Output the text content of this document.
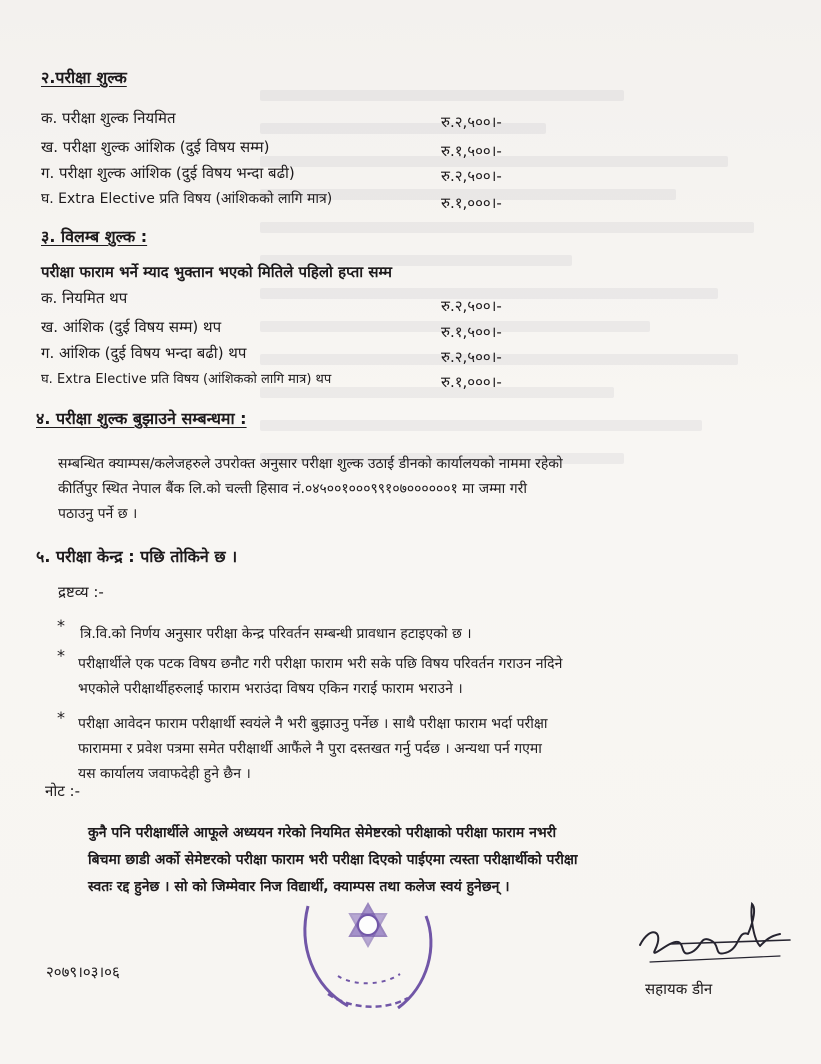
२.परीक्षा शुल्क
क. परीक्षा शुल्क नियमित	रु.२,५००।-
ख. परीक्षा शुल्क आंशिक (दुई विषय सम्म)	रु.१,५००।-
ग. परीक्षा शुल्क आंशिक (दुई विषय भन्दा बढी)	रु.२,५००।-
घ. Extra Elective प्रति विषय (आंशिकको लागि मात्र)	रु.१,०००।-
३. विलम्ब शुल्क :
परीक्षा फाराम भर्ने म्याद भुक्तान भएको मितिले पहिलो हप्ता सम्म
क. नियमित थप	रु.२,५००।-
ख. आंशिक (दुई विषय सम्म) थप	रु.१,५००।-
ग. आंशिक (दुई विषय भन्दा बढी) थप	रु.२,५००।-
घ. Extra Elective प्रति विषय (आंशिकको लागि मात्र) थप	रु.१,०००।-
४. परीक्षा शुल्क बुझाउने सम्बन्धमा :
सम्बन्धित क्याम्पस/कलेजहरुले उपरोक्त अनुसार परीक्षा शुल्क उठाई डीनको कार्यालयको नाममा रहेको
कीर्तिपुर स्थित नेपाल बैंक लि.को चल्ती हिसाव नं.०४५००१०००९९१०७००००००१ मा जम्मा गरी
पठाउनु पर्ने छ ।
५. परीक्षा केन्द्र : पछि तोकिने छ ।
द्रष्टव्य :-
* त्रि.वि.को निर्णय अनुसार परीक्षा केन्द्र परिवर्तन सम्बन्धी प्रावधान हटाइएको छ ।
* परीक्षार्थीले एक पटक विषय छनौट गरी परीक्षा फाराम भरी सके पछि विषय परिवर्तन गराउन नदिने
भएकोले परीक्षार्थीहरुलाई फाराम भराउंदा विषय एकिन गराई फाराम भराउने ।
* परीक्षा आवेदन फाराम परीक्षार्थी स्वयंले नै भरी बुझाउनु पर्नेछ । साथै परीक्षा फाराम भर्दा परीक्षा
फाराममा र प्रवेश पत्रमा समेत परीक्षार्थी आफैंले नै पुरा दस्तखत गर्नु पर्दछ । अन्यथा पर्न गएमा
यस कार्यालय जवाफदेही हुने छैन ।
नोट :-
कुनै पनि परीक्षार्थीले आफूले अध्ययन गरेको नियमित सेमेष्टरको परीक्षाको परीक्षा फाराम नभरी
बिचमा छाडी अर्को सेमेष्टरको परीक्षा फाराम भरी परीक्षा दिएको पाईएमा त्यस्ता परीक्षार्थीको परीक्षा
स्वतः रद्द हुनेछ । सो को जिम्मेवार निज विद्यार्थी, क्याम्पस तथा कलेज स्वयं हुनेछन् ।
२०७९।०३।०६
सहायक डीन
